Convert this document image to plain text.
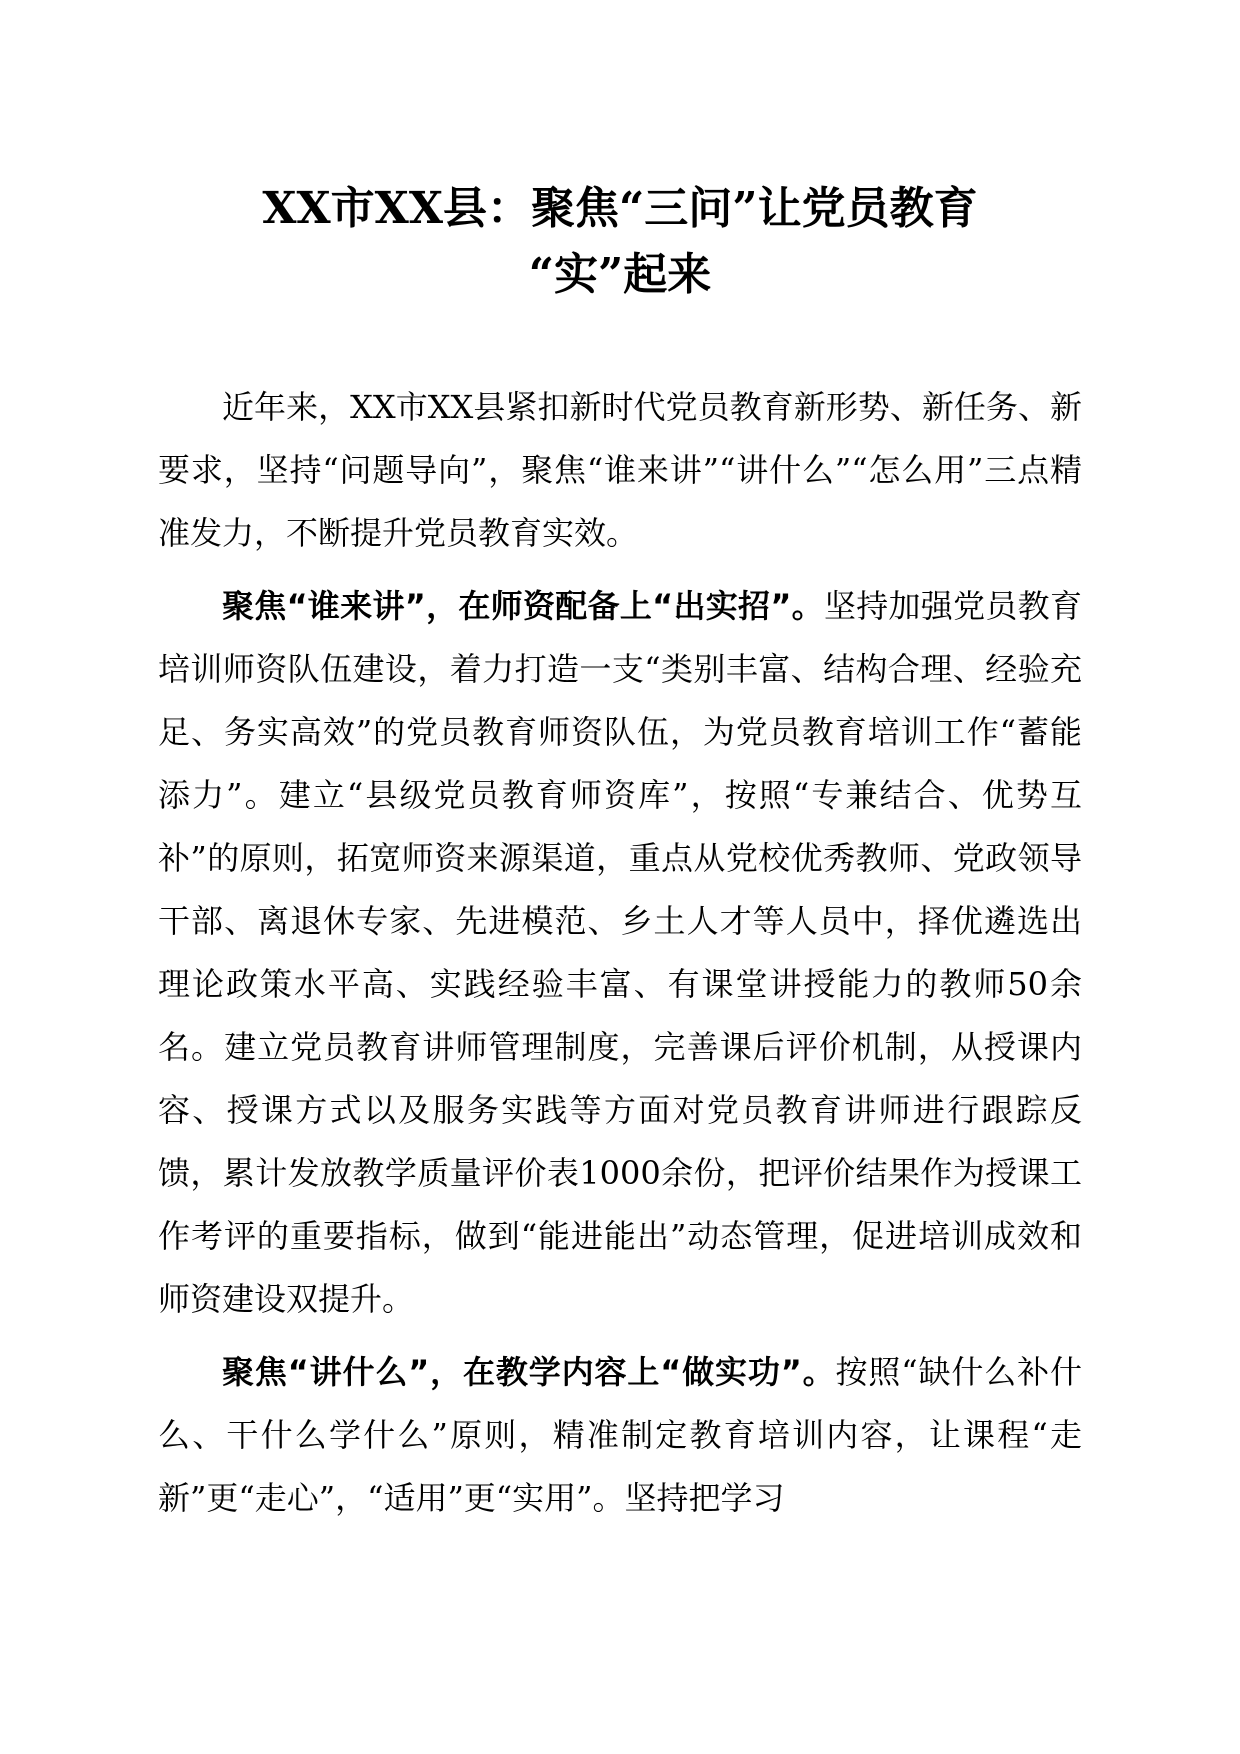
XX市XX县：聚焦“三问”让党员教育
“实”起来

近年来，XX市XX县紧扣新时代党员教育新形势、新任务、新要求，坚持“问题导向”，聚焦“谁来讲”“讲什么”“怎么用”三点精准发力，不断提升党员教育实效。

聚焦“谁来讲”，在师资配备上“出实招”。坚持加强党员教育培训师资队伍建设，着力打造一支“类别丰富、结构合理、经验充足、务实高效”的党员教育师资队伍，为党员教育培训工作“蓄能添力”。建立“县级党员教育师资库”，按照“专兼结合、优势互补”的原则，拓宽师资来源渠道，重点从党校优秀教师、党政领导干部、离退休专家、先进模范、乡土人才等人员中，择优遴选出理论政策水平高、实践经验丰富、有课堂讲授能力的教师50余名。建立党员教育讲师管理制度，完善课后评价机制，从授课内容、授课方式以及服务实践等方面对党员教育讲师进行跟踪反馈，累计发放教学质量评价表1000余份，把评价结果作为授课工作考评的重要指标，做到“能进能出”动态管理，促进培训成效和师资建设双提升。

聚焦“讲什么”，在教学内容上“做实功”。按照“缺什么补什么、干什么学什么”原则，精准制定教育培训内容，让课程“走新”更“走心”，“适用”更“实用”。坚持把学习
